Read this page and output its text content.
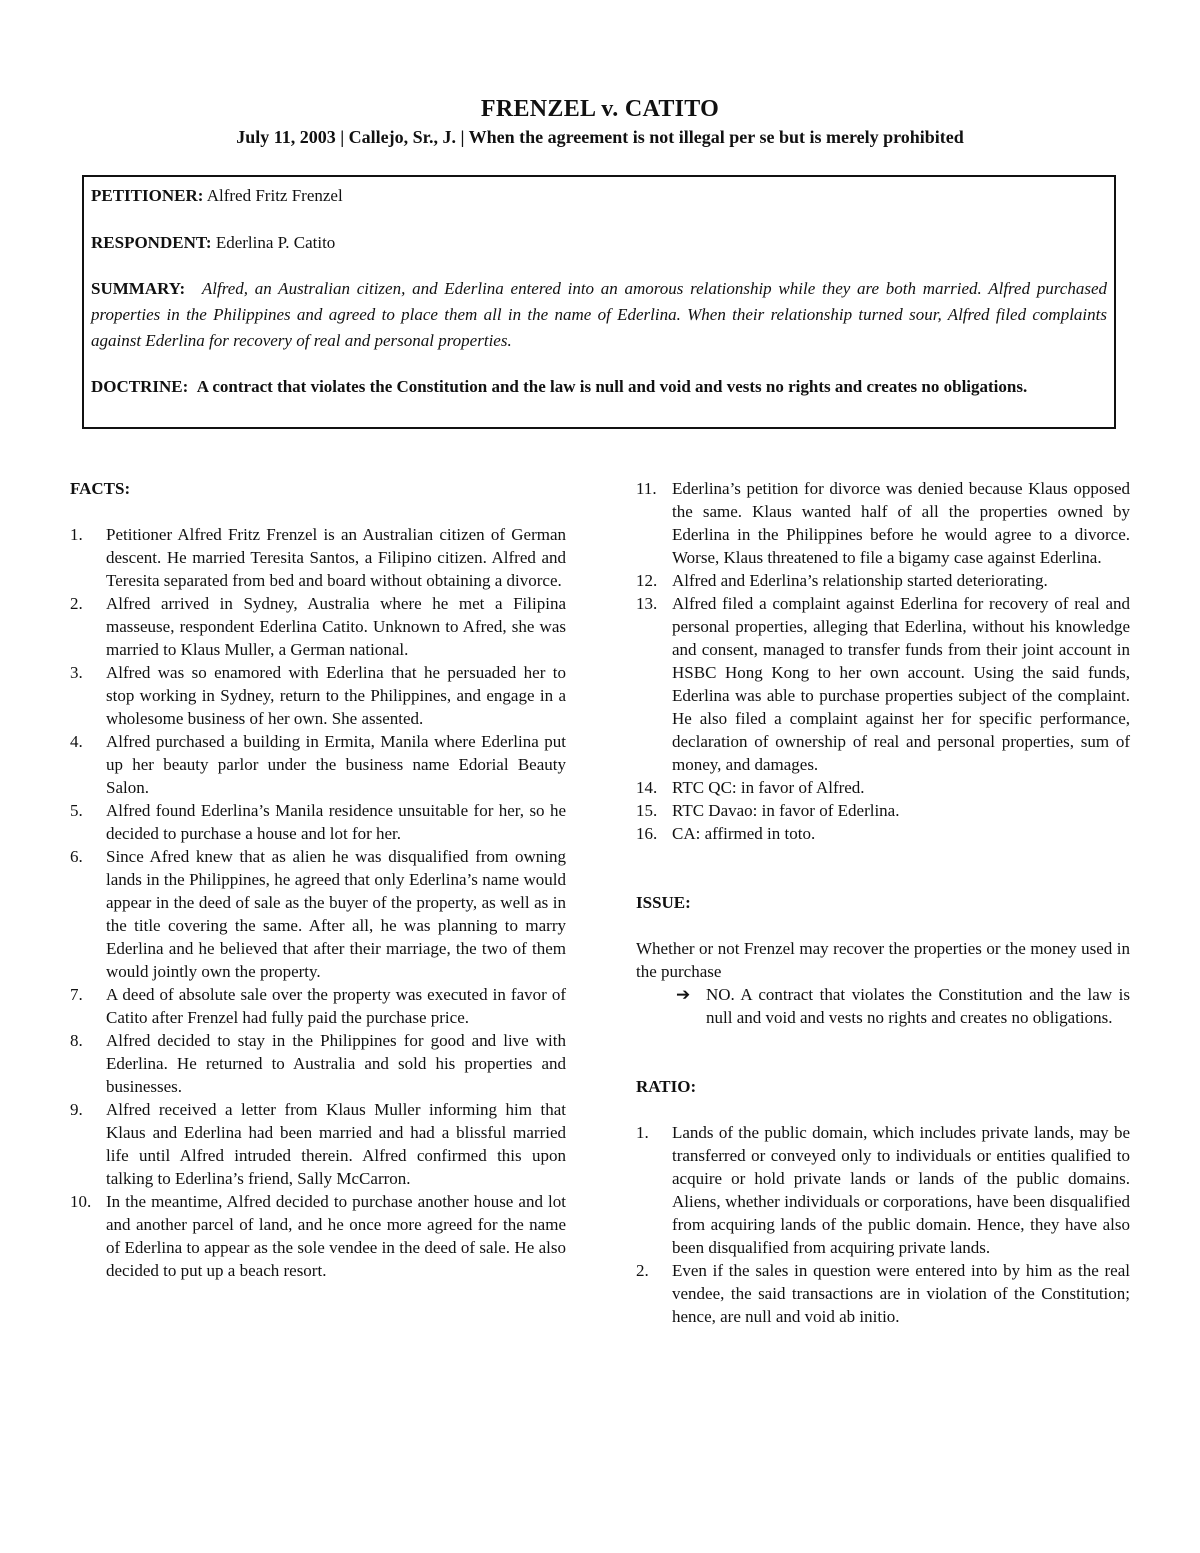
FRENZEL v. CATITO
July 11, 2003 | Callejo, Sr., J. | When the agreement is not illegal per se but is merely prohibited
PETITIONER: Alfred Fritz Frenzel
RESPONDENT: Ederlina P. Catito
SUMMARY: Alfred, an Australian citizen, and Ederlina entered into an amorous relationship while they are both married. Alfred purchased properties in the Philippines and agreed to place them all in the name of Ederlina. When their relationship turned sour, Alfred filed complaints against Ederlina for recovery of real and personal properties.
DOCTRINE: A contract that violates the Constitution and the law is null and void and vests no rights and creates no obligations.

FACTS:

1.	Petitioner Alfred Fritz Frenzel is an Australian citizen of German descent. He married Teresita Santos, a Filipino citizen. Alfred and Teresita separated from bed and board without obtaining a divorce.
2.	Alfred arrived in Sydney, Australia where he met a Filipina masseuse, respondent Ederlina Catito. Unknown to Afred, she was married to Klaus Muller, a German national.
3.	Alfred was so enamored with Ederlina that he persuaded her to stop working in Sydney, return to the Philippines, and engage in a wholesome business of her own. She assented.
4.	Alfred purchased a building in Ermita, Manila where Ederlina put up her beauty parlor under the business name Edorial Beauty Salon.
5.	Alfred found Ederlina’s Manila residence unsuitable for her, so he decided to purchase a house and lot for her.
6.	Since Afred knew that as alien he was disqualified from owning lands in the Philippines, he agreed that only Ederlina’s name would appear in the deed of sale as the buyer of the property, as well as in the title covering the same. After all, he was planning to marry Ederlina and he believed that after their marriage, the two of them would jointly own the property.
7.	A deed of absolute sale over the property was executed in favor of Catito after Frenzel had fully paid the purchase price.
8.	Alfred decided to stay in the Philippines for good and live with Ederlina. He returned to Australia and sold his properties and businesses.
9.	Alfred received a letter from Klaus Muller informing him that Klaus and Ederlina had been married and had a blissful married life until Alfred intruded therein. Alfred confirmed this upon talking to Ederlina’s friend, Sally McCarron.
10. In the meantime, Alfred decided to purchase another house and lot and another parcel of land, and he once more agreed for the name of Ederlina to appear as the sole vendee in the deed of sale. He also decided to put up a beach resort.
11. Ederlina’s petition for divorce was denied because Klaus opposed the same. Klaus wanted half of all the properties owned by Ederlina in the Philippines before he would agree to a divorce. Worse, Klaus threatened to file a bigamy case against Ederlina.
12. Alfred and Ederlina’s relationship started deteriorating.
13. Alfred filed a complaint against Ederlina for recovery of real and personal properties, alleging that Ederlina, without his knowledge and consent, managed to transfer funds from their joint account in HSBC Hong Kong to her own account. Using the said funds, Ederlina was able to purchase properties subject of the complaint. He also filed a complaint against her for specific performance, declaration of ownership of real and personal properties, sum of money, and damages.
14. RTC QC: in favor of Alfred.
15. RTC Davao: in favor of Ederlina.
16. CA: affirmed in toto.

ISSUE:

Whether or not Frenzel may recover the properties or the money used in the purchase

➔ NO. A contract that violates the Constitution and the law is null and void and vests no rights and creates no obligations.

RATIO:

1.	Lands of the public domain, which includes private lands, may be transferred or conveyed only to individuals or entities qualified to acquire or hold private lands or lands of the public domains. Aliens, whether individuals or corporations, have been disqualified from acquiring lands of the public domain. Hence, they have also been disqualified from acquiring private lands.
2.	Even if the sales in question were entered into by him as the real vendee, the said transactions are in violation of the Constitution; hence, are null and void ab initio.
